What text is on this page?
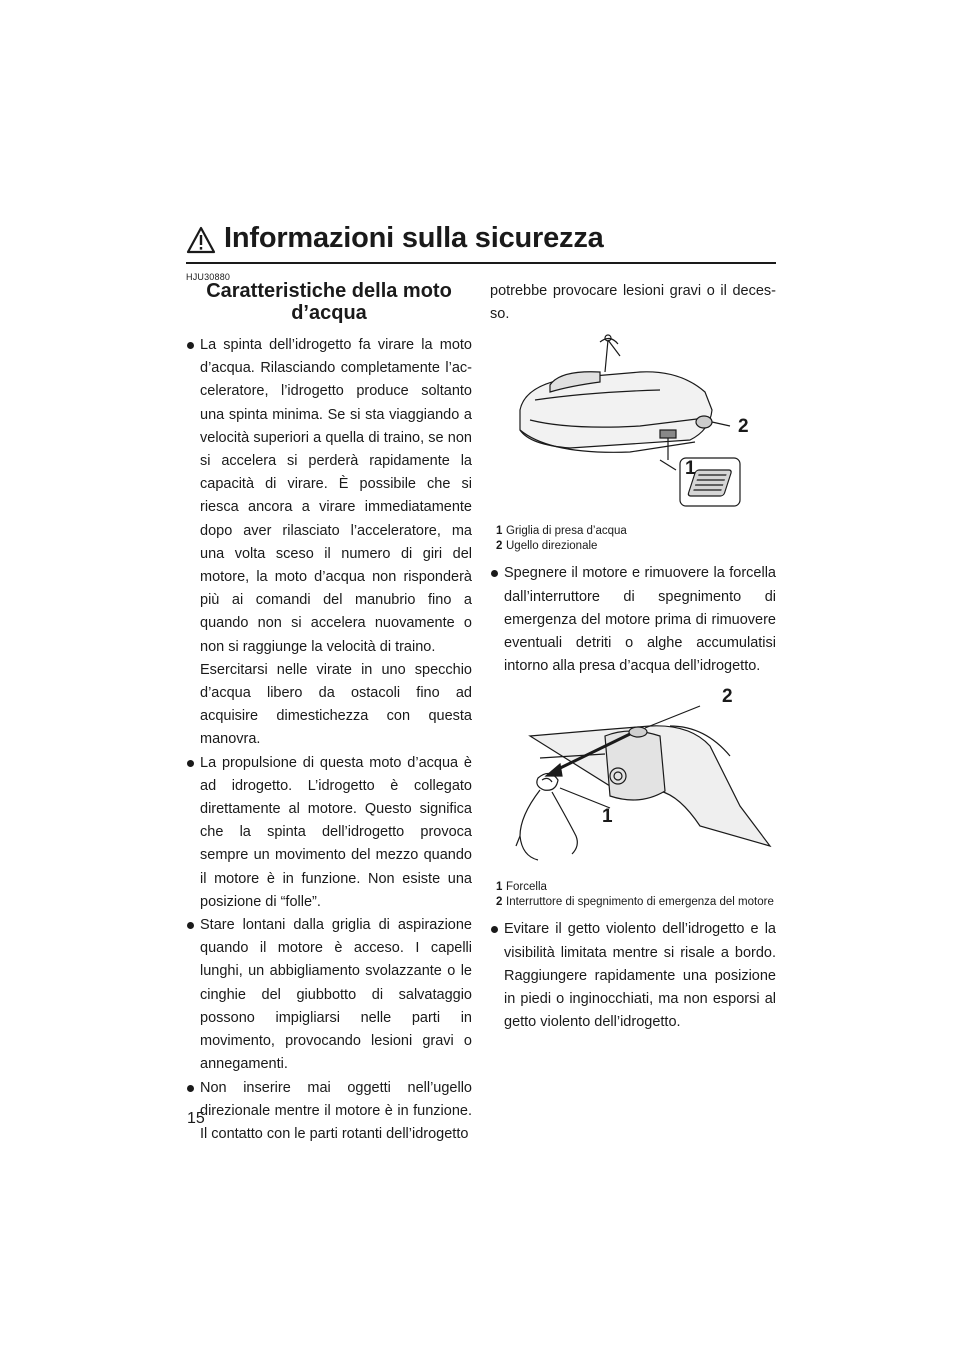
Informazioni sulla sicurezza
HJU30880
Caratteristiche della moto
d’acqua

La spinta dell’idrogetto fa virare la moto d’acqua. Rilasciando completamente l’acceleratore, l’idrogetto produce soltanto una spinta minima. Se si sta viaggiando a velocità superiori a quella di traino, se non si accelera si perderà rapidamente la capacità di virare. È possibile che si riesca ancora a virare immediatamente dopo aver rilasciato l’acceleratore, ma una volta sceso il numero di giri del motore, la moto d’acqua non risponderà più ai comandi del manubrio fino a quando non si accelera nuovamente o non si raggiunge la velocità di traino.

Esercitarsi nelle virate in uno specchio d’acqua libero da ostacoli fino ad acquisire dimestichezza con questa manovra.

La propulsione di questa moto d’acqua è ad idrogetto. L’idrogetto è collegato direttamente al motore. Questo significa che la spinta dell’idrogetto provoca sempre un movimento del mezzo quando il motore è in funzione. Non esiste una posizione di “folle”.

Stare lontani dalla griglia di aspirazione quando il motore è acceso. I capelli lunghi, un abbigliamento svolazzante o le cinghie del giubbotto di salvataggio possono impigliarsi nelle parti in movimento, provocando lesioni gravi o annegamenti.

Non inserire mai oggetti nell’ugello direzionale mentre il motore è in funzione. Il contatto con le parti rotanti dell’idrogetto

potrebbe provocare lesioni gravi o il decesso.

2
1
1 Griglia di presa d’acqua
2 Ugello direzionale

Spegnere il motore e rimuovere la forcella dall’interruttore di spegnimento di emergenza del motore prima di rimuovere eventuali detriti o alghe accumulatisi intorno alla presa d’acqua dell’idrogetto.

2
1
1 Forcella
2 Interruttore di spegnimento di emergenza del motore

Evitare il getto violento dell’idrogetto e la visibilità limitata mentre si risale a bordo. Raggiungere rapidamente una posizione in piedi o inginocchiati, ma non esporsi al getto violento dell’idrogetto.

15
